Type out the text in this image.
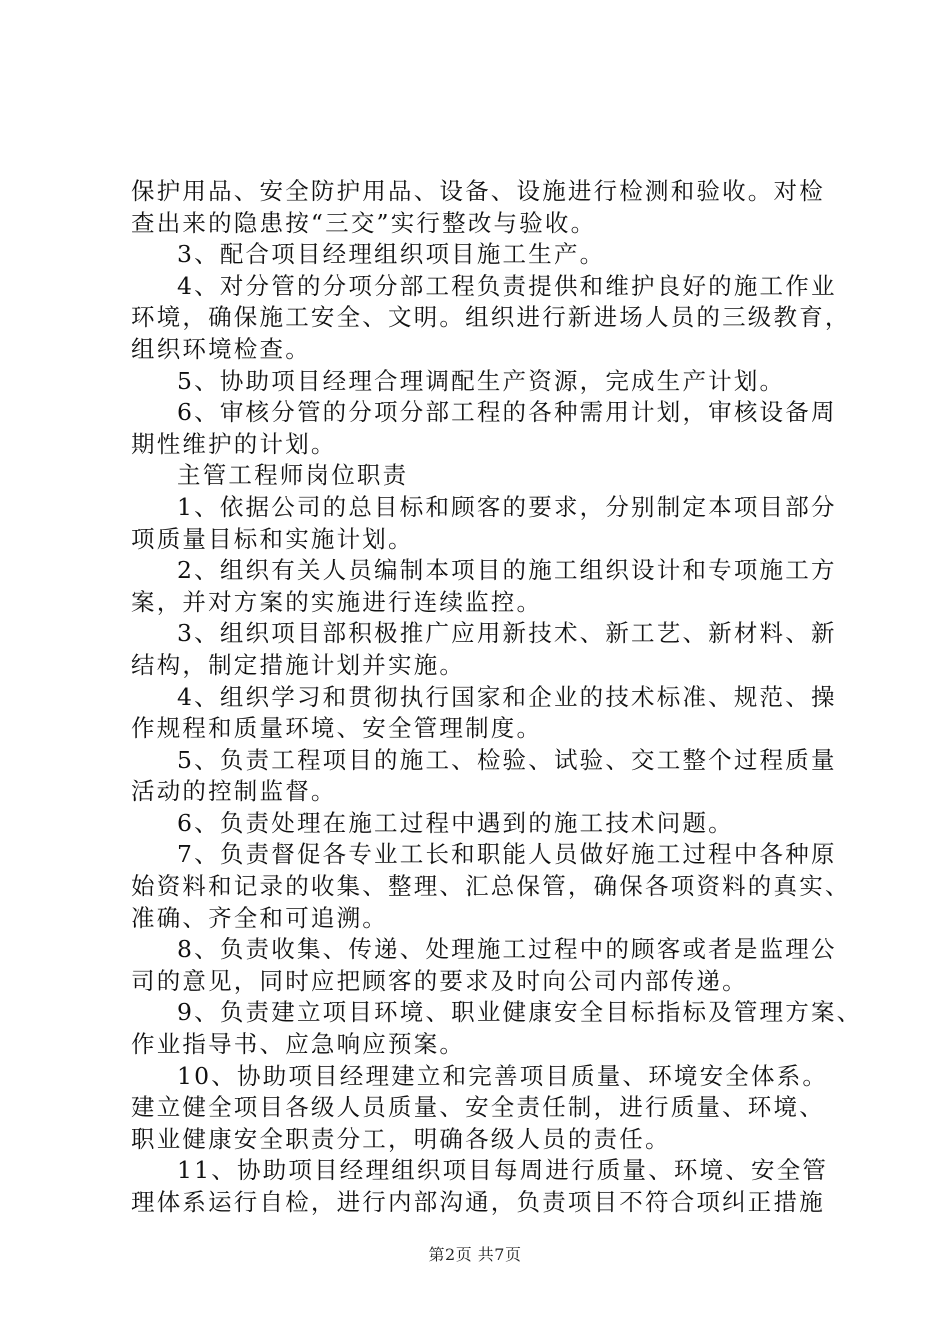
保护用品、安全防护用品、设备、设施进行检测和验收。对检
查出来的隐患按“三交”实行整改与验收。
3、配合项目经理组织项目施工生产。
4、对分管的分项分部工程负责提供和维护良好的施工作业
环境，确保施工安全、文明。组织进行新进场人员的三级教育，
组织环境检查。
5、协助项目经理合理调配生产资源，完成生产计划。
6、审核分管的分项分部工程的各种需用计划，审核设备周
期性维护的计划。
主管工程师岗位职责
1、依据公司的总目标和顾客的要求，分别制定本项目部分
项质量目标和实施计划。
2、组织有关人员编制本项目的施工组织设计和专项施工方
案，并对方案的实施进行连续监控。
3、组织项目部积极推广应用新技术、新工艺、新材料、新
结构，制定措施计划并实施。
4、组织学习和贯彻执行国家和企业的技术标准、规范、操
作规程和质量环境、安全管理制度。
5、负责工程项目的施工、检验、试验、交工整个过程质量
活动的控制监督。
6、负责处理在施工过程中遇到的施工技术问题。
7、负责督促各专业工长和职能人员做好施工过程中各种原
始资料和记录的收集、整理、汇总保管，确保各项资料的真实、
准确、齐全和可追溯。
8、负责收集、传递、处理施工过程中的顾客或者是监理公
司的意见，同时应把顾客的要求及时向公司内部传递。
9、负责建立项目环境、职业健康安全目标指标及管理方案、
作业指导书、应急响应预案。
10、协助项目经理建立和完善项目质量、环境安全体系。
建立健全项目各级人员质量、安全责任制，进行质量、环境、
职业健康安全职责分工，明确各级人员的责任。
11、协助项目经理组织项目每周进行质量、环境、安全管
理体系运行自检，进行内部沟通，负责项目不符合项纠正措施
第2页 共7页
